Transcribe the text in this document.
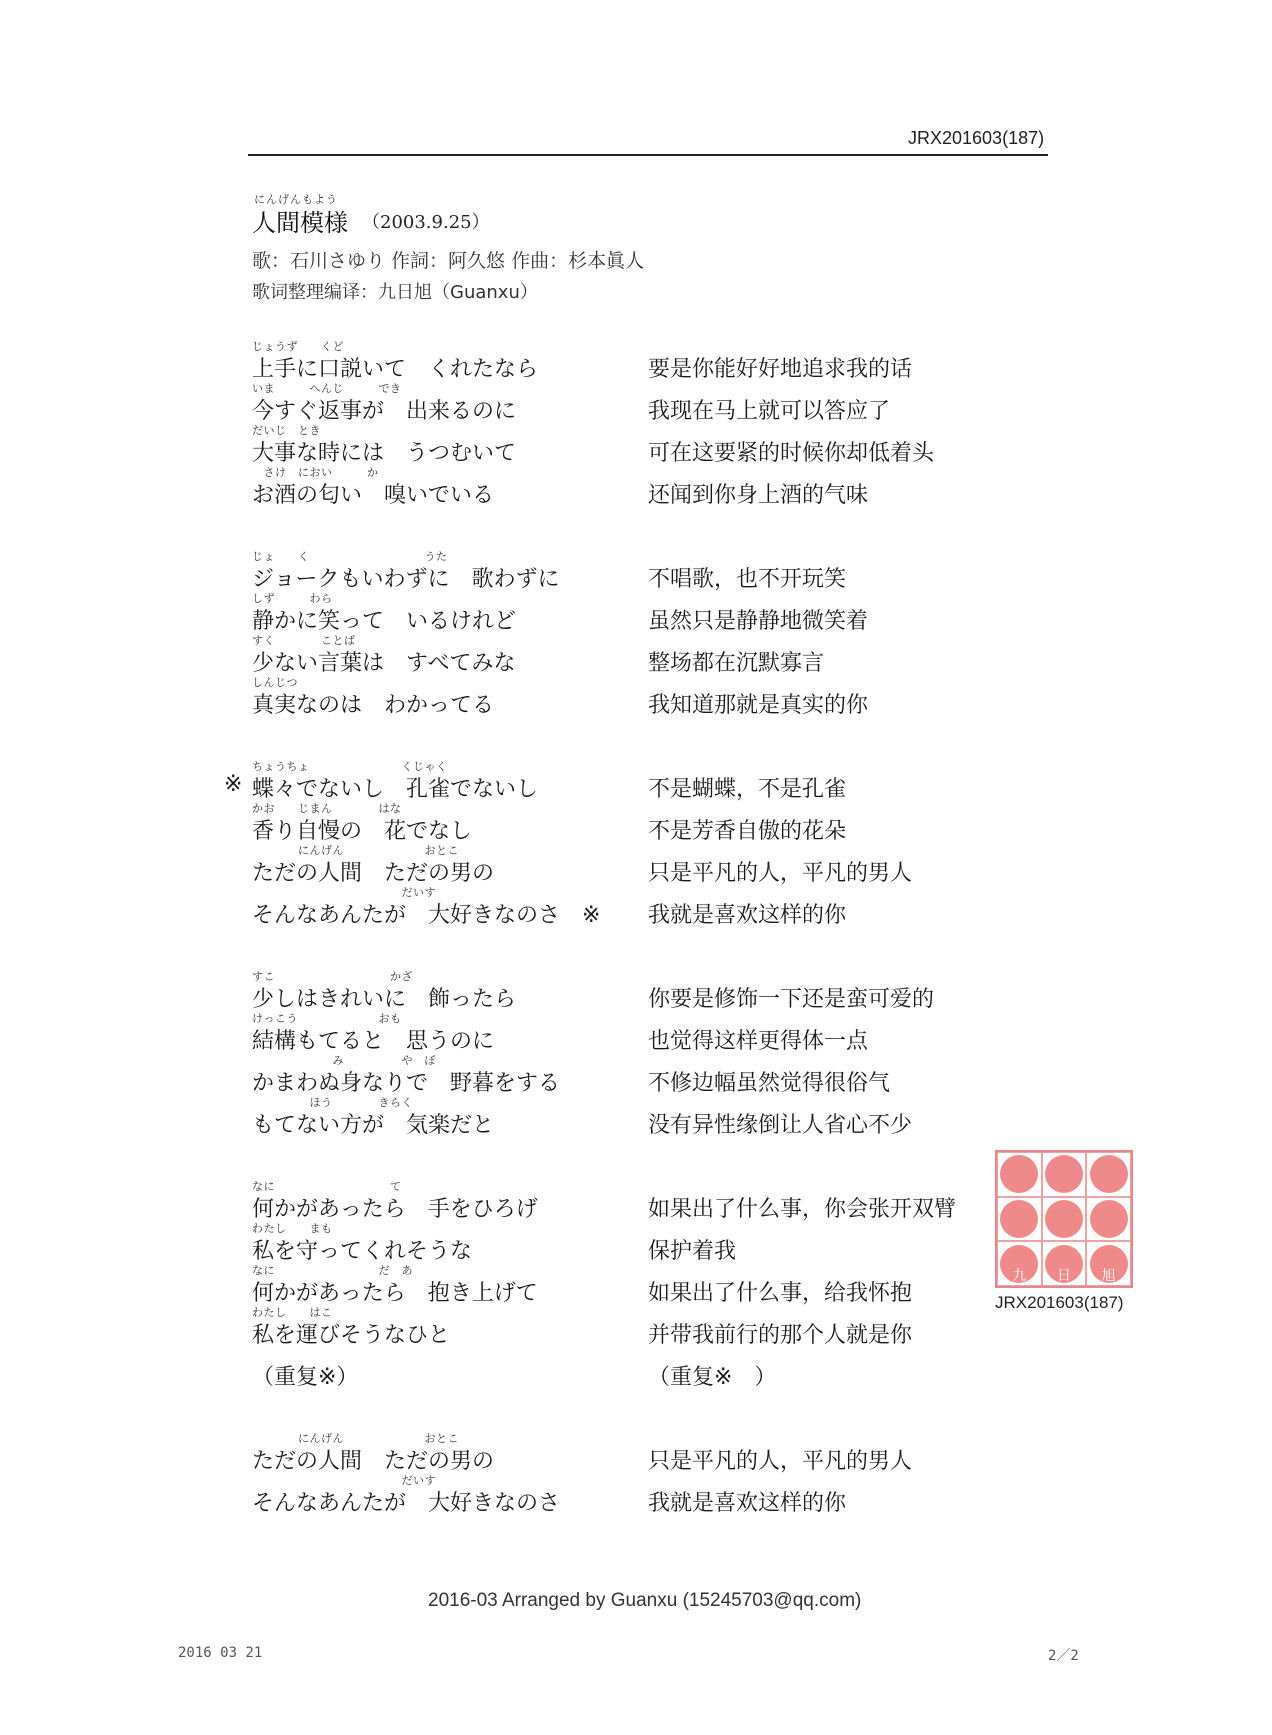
JRX201603(187)
にんげんもよう
人間模様 （2003.9.25）
歌：石川さゆり 作詞：阿久悠 作曲：杉本眞人
歌词整理编译：九日旭（Guanxu）
じょうず　　くど
上手に口説いて　くれたなら	要是你能好好地追求我的话
いま　　　へんじ　　　でき
今すぐ返事が　出来るのに	我现在马上就可以答应了
だいじ　とき
大事な時には　うつむいて	可在这要紧的时候你却低着头
　さけ　におい　　　か
お酒の匂い　嗅いでいる	还闻到你身上酒的气味
じょ　　く　　　　　　　　　　うた
ジョークもいわずに　歌わずに	不唱歌，也不开玩笑
しず　　　わら
静かに笑って　いるけれど	虽然只是静静地微笑着
すく　　　　ことば
少ない言葉は　すべてみな	整场都在沉默寡言
しんじつ
真実なのは　わかってる	我知道那就是真实的你
ちょうちょ　　　　　　　　くじゃく
※ 蝶々でないし　孔雀でないし	不是蝴蝶，不是孔雀
かお　　じまん　　　　はな
香り自慢の　花でなし	不是芳香自傲的花朵
　　　　にんげん　　　　　　　おとこ
ただの人間　ただの男の	只是平凡的人，平凡的男人
　　　　　　　　　　　　　だいす
そんなあんたが　大好きなのさ　※ 我就是喜欢这样的你
すこ　　　　　　　　　　かざ
少しはきれいに　飾ったら	你要是修饰一下还是蛮可爱的
けっこう　　　　　　　おも
結構もてると　思うのに	也觉得这样更得体一点
　　　　　　　み　　　　　や　ぼ
かまわぬ身なりで　野暮をする	不修边幅虽然觉得很俗气
　　　　　ほう　　　　きらく
もてない方が　気楽だと	没有异性缘倒让人省心不少
なに　　　　　　　　　　て
何かがあったら　手をひろげ	如果出了什么事，你会张开双臂
わたし　　まも
私を守ってくれそうな	保护着我
なに　　　　　　　　　だ　あ
何かがあったら　抱き上げて	如果出了什么事，给我怀抱
わたし　　はこ
私を運びそうなひと	并带我前行的那个人就是你
（重复※）	（重复※　）
　　　　にんげん　　　　　　　おとこ
ただの人間　ただの男の	只是平凡的人，平凡的男人
　　　　　　　　　　　　　だいす
そんなあんたが　大好きなのさ	我就是喜欢这样的你
九 日 旭
JRX201603(187)
2016-03 Arranged by Guanxu (15245703@qq.com)
2016 03 21	2／2
